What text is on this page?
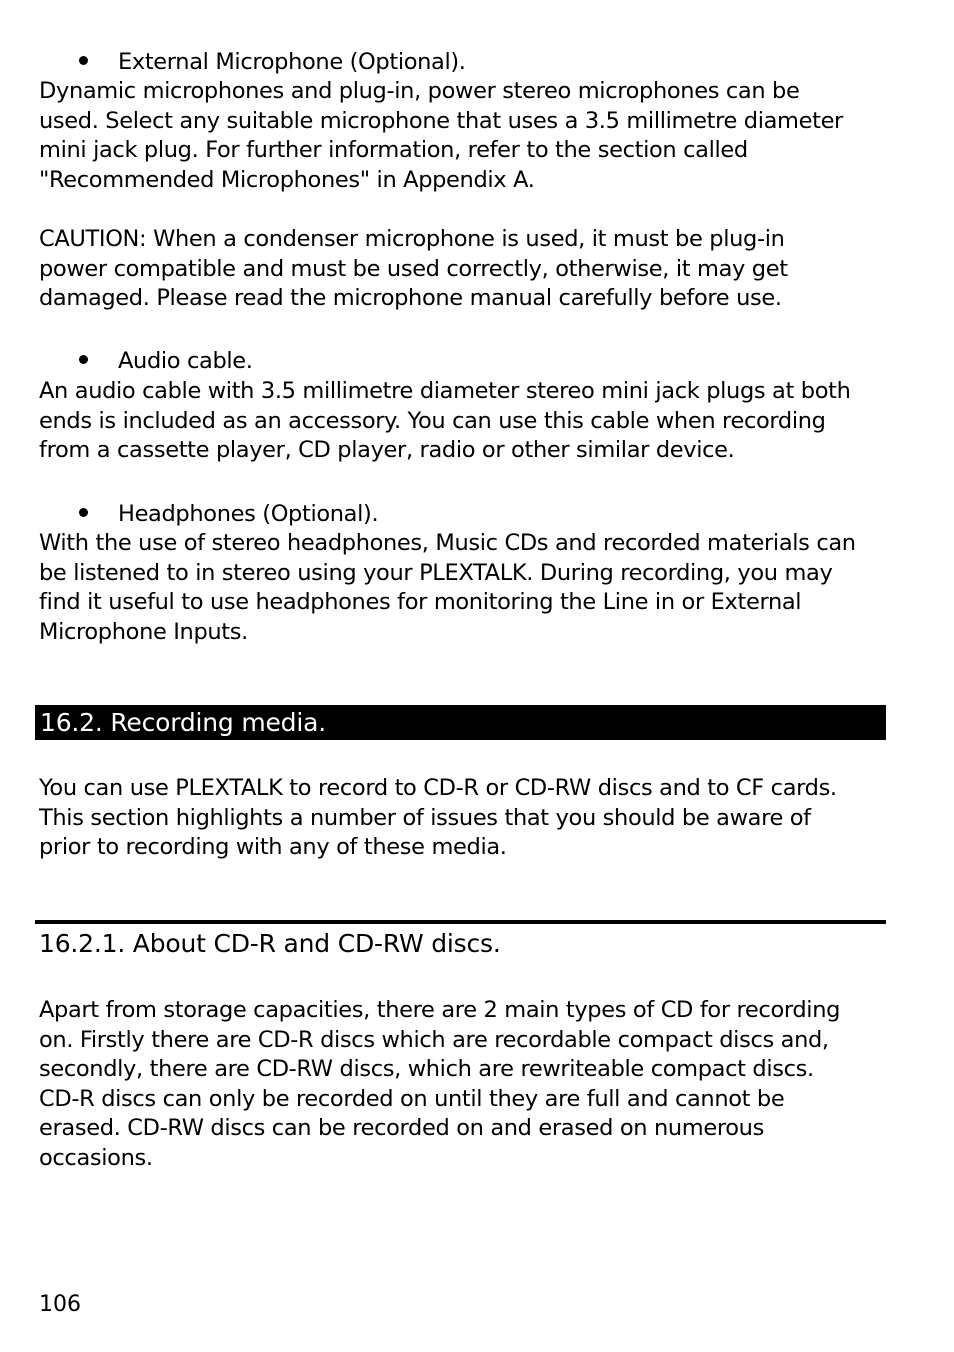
External Microphone (Optional).
Dynamic microphones and plug-in, power stereo microphones can be
used. Select any suitable microphone that uses a 3.5 millimetre diameter
mini jack plug. For further information, refer to the section called
"Recommended Microphones" in Appendix A.
CAUTION: When a condenser microphone is used, it must be plug-in
power compatible and must be used correctly, otherwise, it may get
damaged. Please read the microphone manual carefully before use.
Audio cable.
An audio cable with 3.5 millimetre diameter stereo mini jack plugs at both
ends is included as an accessory. You can use this cable when recording
from a cassette player, CD player, radio or other similar device.
Headphones (Optional).
With the use of stereo headphones, Music CDs and recorded materials can
be listened to in stereo using your PLEXTALK. During recording, you may
find it useful to use headphones for monitoring the Line in or External
Microphone Inputs.
16.2. Recording media.
You can use PLEXTALK to record to CD-R or CD-RW discs and to CF cards.
This section highlights a number of issues that you should be aware of
prior to recording with any of these media.
16.2.1. About CD-R and CD-RW discs.
Apart from storage capacities, there are 2 main types of CD for recording
on. Firstly there are CD-R discs which are recordable compact discs and,
secondly, there are CD-RW discs, which are rewriteable compact discs.
CD-R discs can only be recorded on until they are full and cannot be
erased. CD-RW discs can be recorded on and erased on numerous
occasions.
106
